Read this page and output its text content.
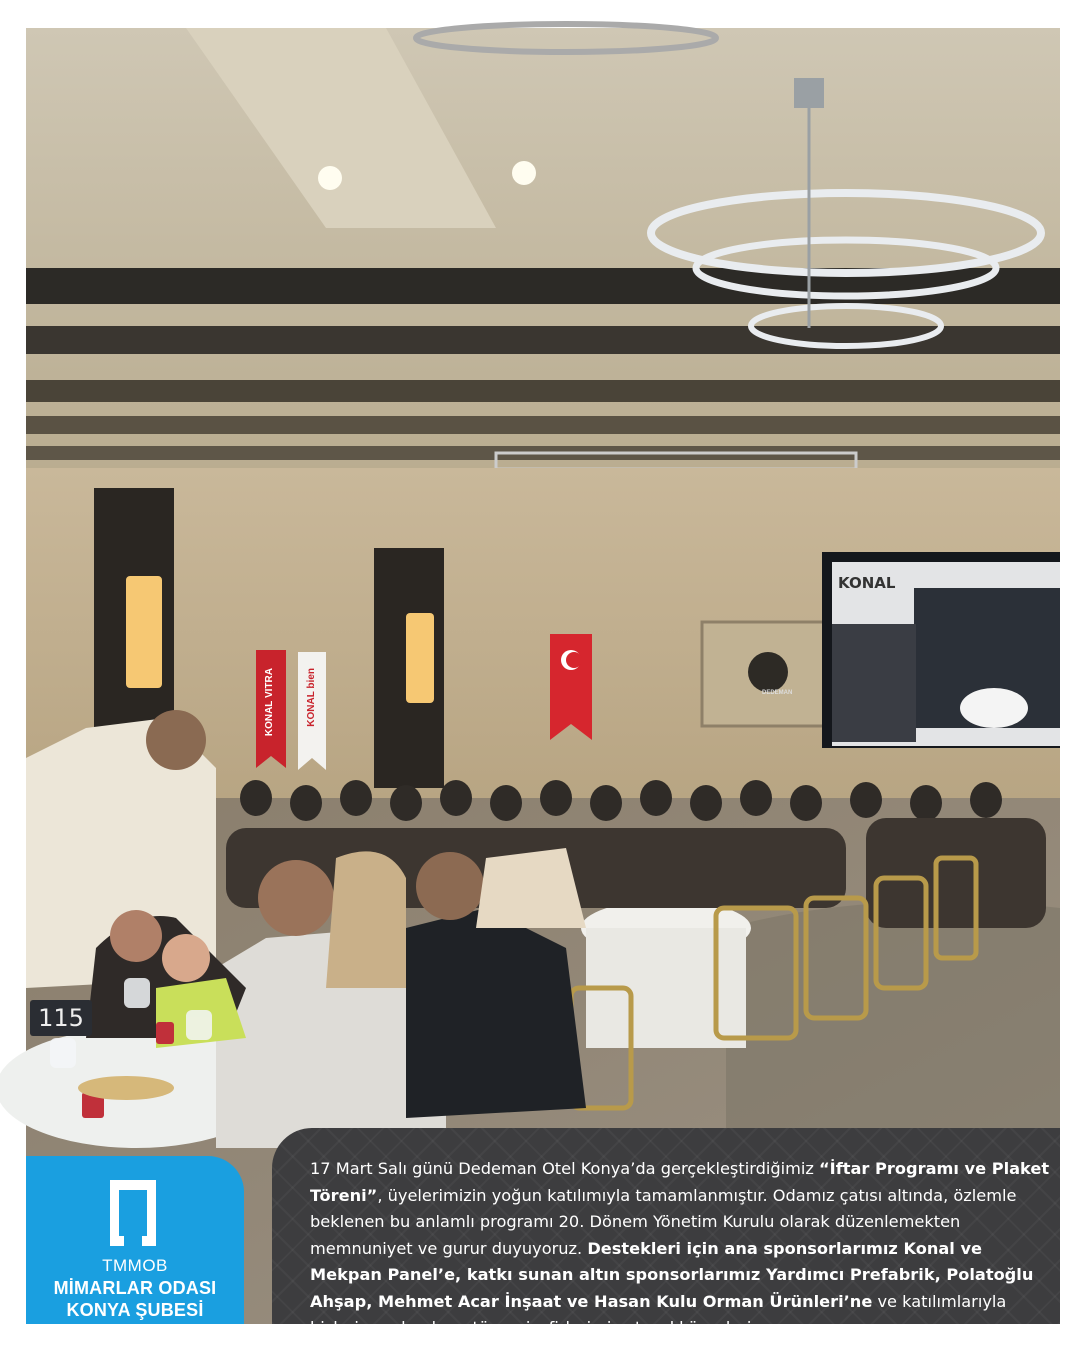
115
KONAL
KONAL VITRA	KONAL bien	DEDEMAN
17 Mart Salı günü Dedeman Otel Konya’da gerçekleştirdiğimiz “İftar Programı ve Plaket Töreni”, üyelerimizin yoğun katılımıyla tamamlanmıştır. Odamız çatısı altında, özlemle beklenen bu anlamlı programı 20. Dönem Yönetim Kurulu olarak düzenlemekten memnuniyet ve gurur duyuyoruz. Destekleri için ana sponsorlarımız Konal ve Mekpan Panel’e, katkı sunan altın sponsorlarımız Yardımcı Prefabrik, Polatoğlu Ahşap, Mehmet Acar İnşaat ve Hasan Kulu Orman Ürünleri’ne ve katılımlarıyla bizleri onurlandıran tüm misafirlerimize teşekkür ederiz.
TMMOB
MİMARLAR ODASI
KONYA ŞUBESİ
